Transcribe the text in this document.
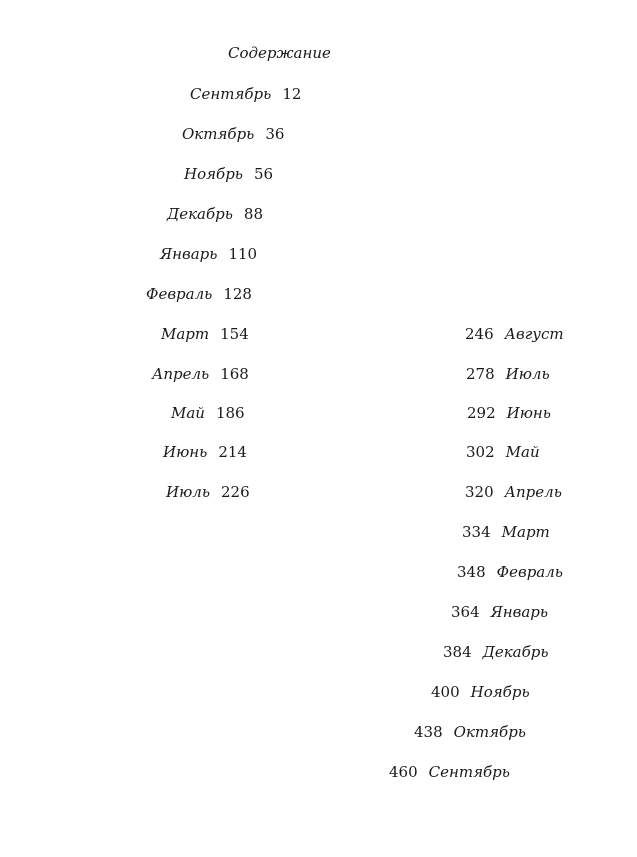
Содержание
Сентябрь 12
Октябрь 36
Ноябрь 56
Декабрь 88
Январь 110
Февраль 128
Март 154
Апрель 168
Май 186
Июнь 214
Июль 226
246 Август
278 Июль
292 Июнь
302 Май
320 Апрель
334 Март
348 Февраль
364 Январь
384 Декабрь
400 Ноябрь
438 Октябрь
460 Сентябрь
